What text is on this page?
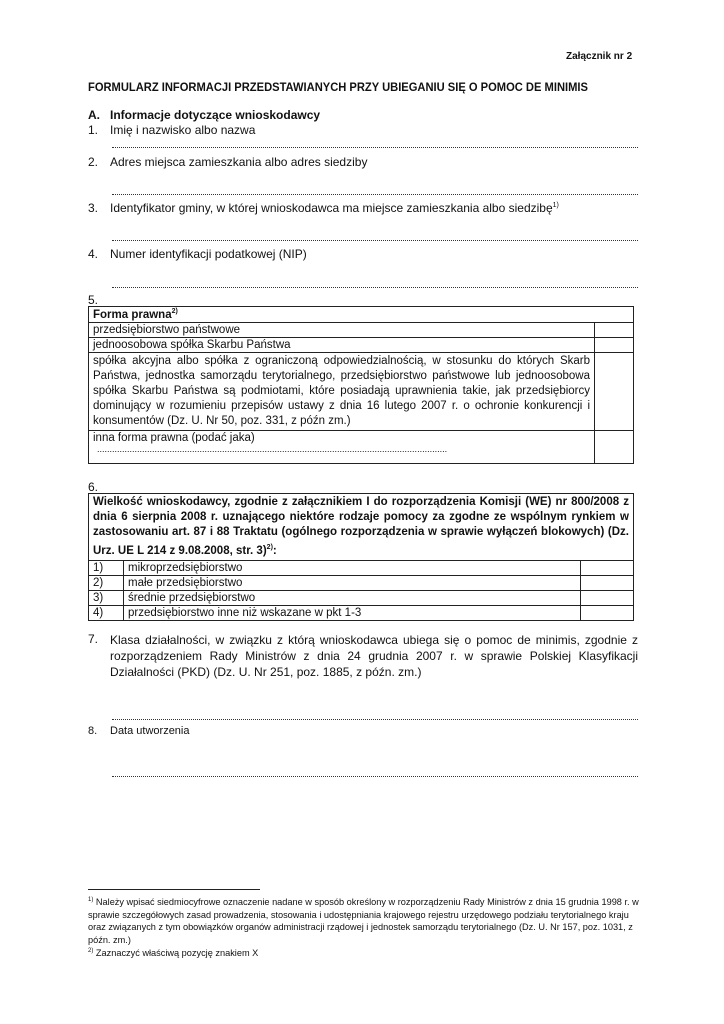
Załącznik nr 2
FORMULARZ INFORMACJI PRZEDSTAWIANYCH PRZY UBIEGANIU SIĘ O POMOC DE MINIMIS
A. Informacje dotyczące wnioskodawcy
1. Imię i nazwisko albo nazwa
2. Adres miejsca zamieszkania albo adres siedziby
3. Identyfikator gminy, w której wnioskodawca ma miejsce zamieszkania albo siedzibę$^{1)}$
4. Numer identyfikacji podatkowej (NIP)
5.
Forma prawna$^{2)}$
przedsiębiorstwo państwowe	
jednoosobowa spółka Skarbu Państwa	
spółka akcyjna albo spółka z ograniczoną odpowiedzialnością, w stosunku do których Skarb Państwa, jednostka samorządu terytorialnego, przedsiębiorstwo państwowe lub jednoosobowa spółka Skarbu Państwa są podmiotami, które posiadają uprawnienia takie, jak przedsiębiorcy dominujący w rozumieniu przepisów ustawy z dnia 16 lutego 2007 r. o ochronie konkurencji i konsumentów (Dz. U. Nr 50, poz. 331, z późn zm.)	

inna forma prawna (podać jaka)
............................................................................................................................................	

6.
Wielkość wnioskodawcy, zgodnie z załącznikiem I do rozporządzenia Komisji (WE) nr 800/2008 z dnia 6 sierpnia 2008 r. uznającego niektóre rodzaje pomocy za zgodne ze wspólnym rynkiem w zastosowaniu art. 87 i 88 Traktatu (ogólnego rozporządzenia w sprawie wyłączeń blokowych) (Dz. Urz. UE L 214 z 9.08.2008, str. 3)$^{2)}$:		
1)	mikroprzedsiębiorstwo	
2)	małe przedsiębiorstwo	
3)	średnie przedsiębiorstwo	
4)	przedsiębiorstwo inne niż wskazane w pkt 1-3	
7. Klasa działalności, w związku z którą wnioskodawca ubiega się o pomoc de minimis, zgodnie z rozporządzeniem Rady Ministrów z dnia 24 grudnia 2007 r. w sprawie Polskiej Klasyfikacji Działalności (PKD) (Dz. U. Nr 251, poz. 1885, z późn. zm.)
8. Data utworzenia
$^{1)}$ Należy wpisać siedmiocyfrowe oznaczenie nadane w sposób określony w rozporządzeniu Rady Ministrów z dnia 15 grudnia 1998 r. w sprawie szczegółowych zasad prowadzenia, stosowania i udostępniania krajowego rejestru urzędowego podziału terytorialnego kraju oraz związanych z tym obowiązków organów administracji rządowej i jednostek samorządu terytorialnego (Dz. U. Nr 157, poz. 1031, z późn. zm.)
$^{2)}$ Zaznaczyć właściwą pozycję znakiem X
